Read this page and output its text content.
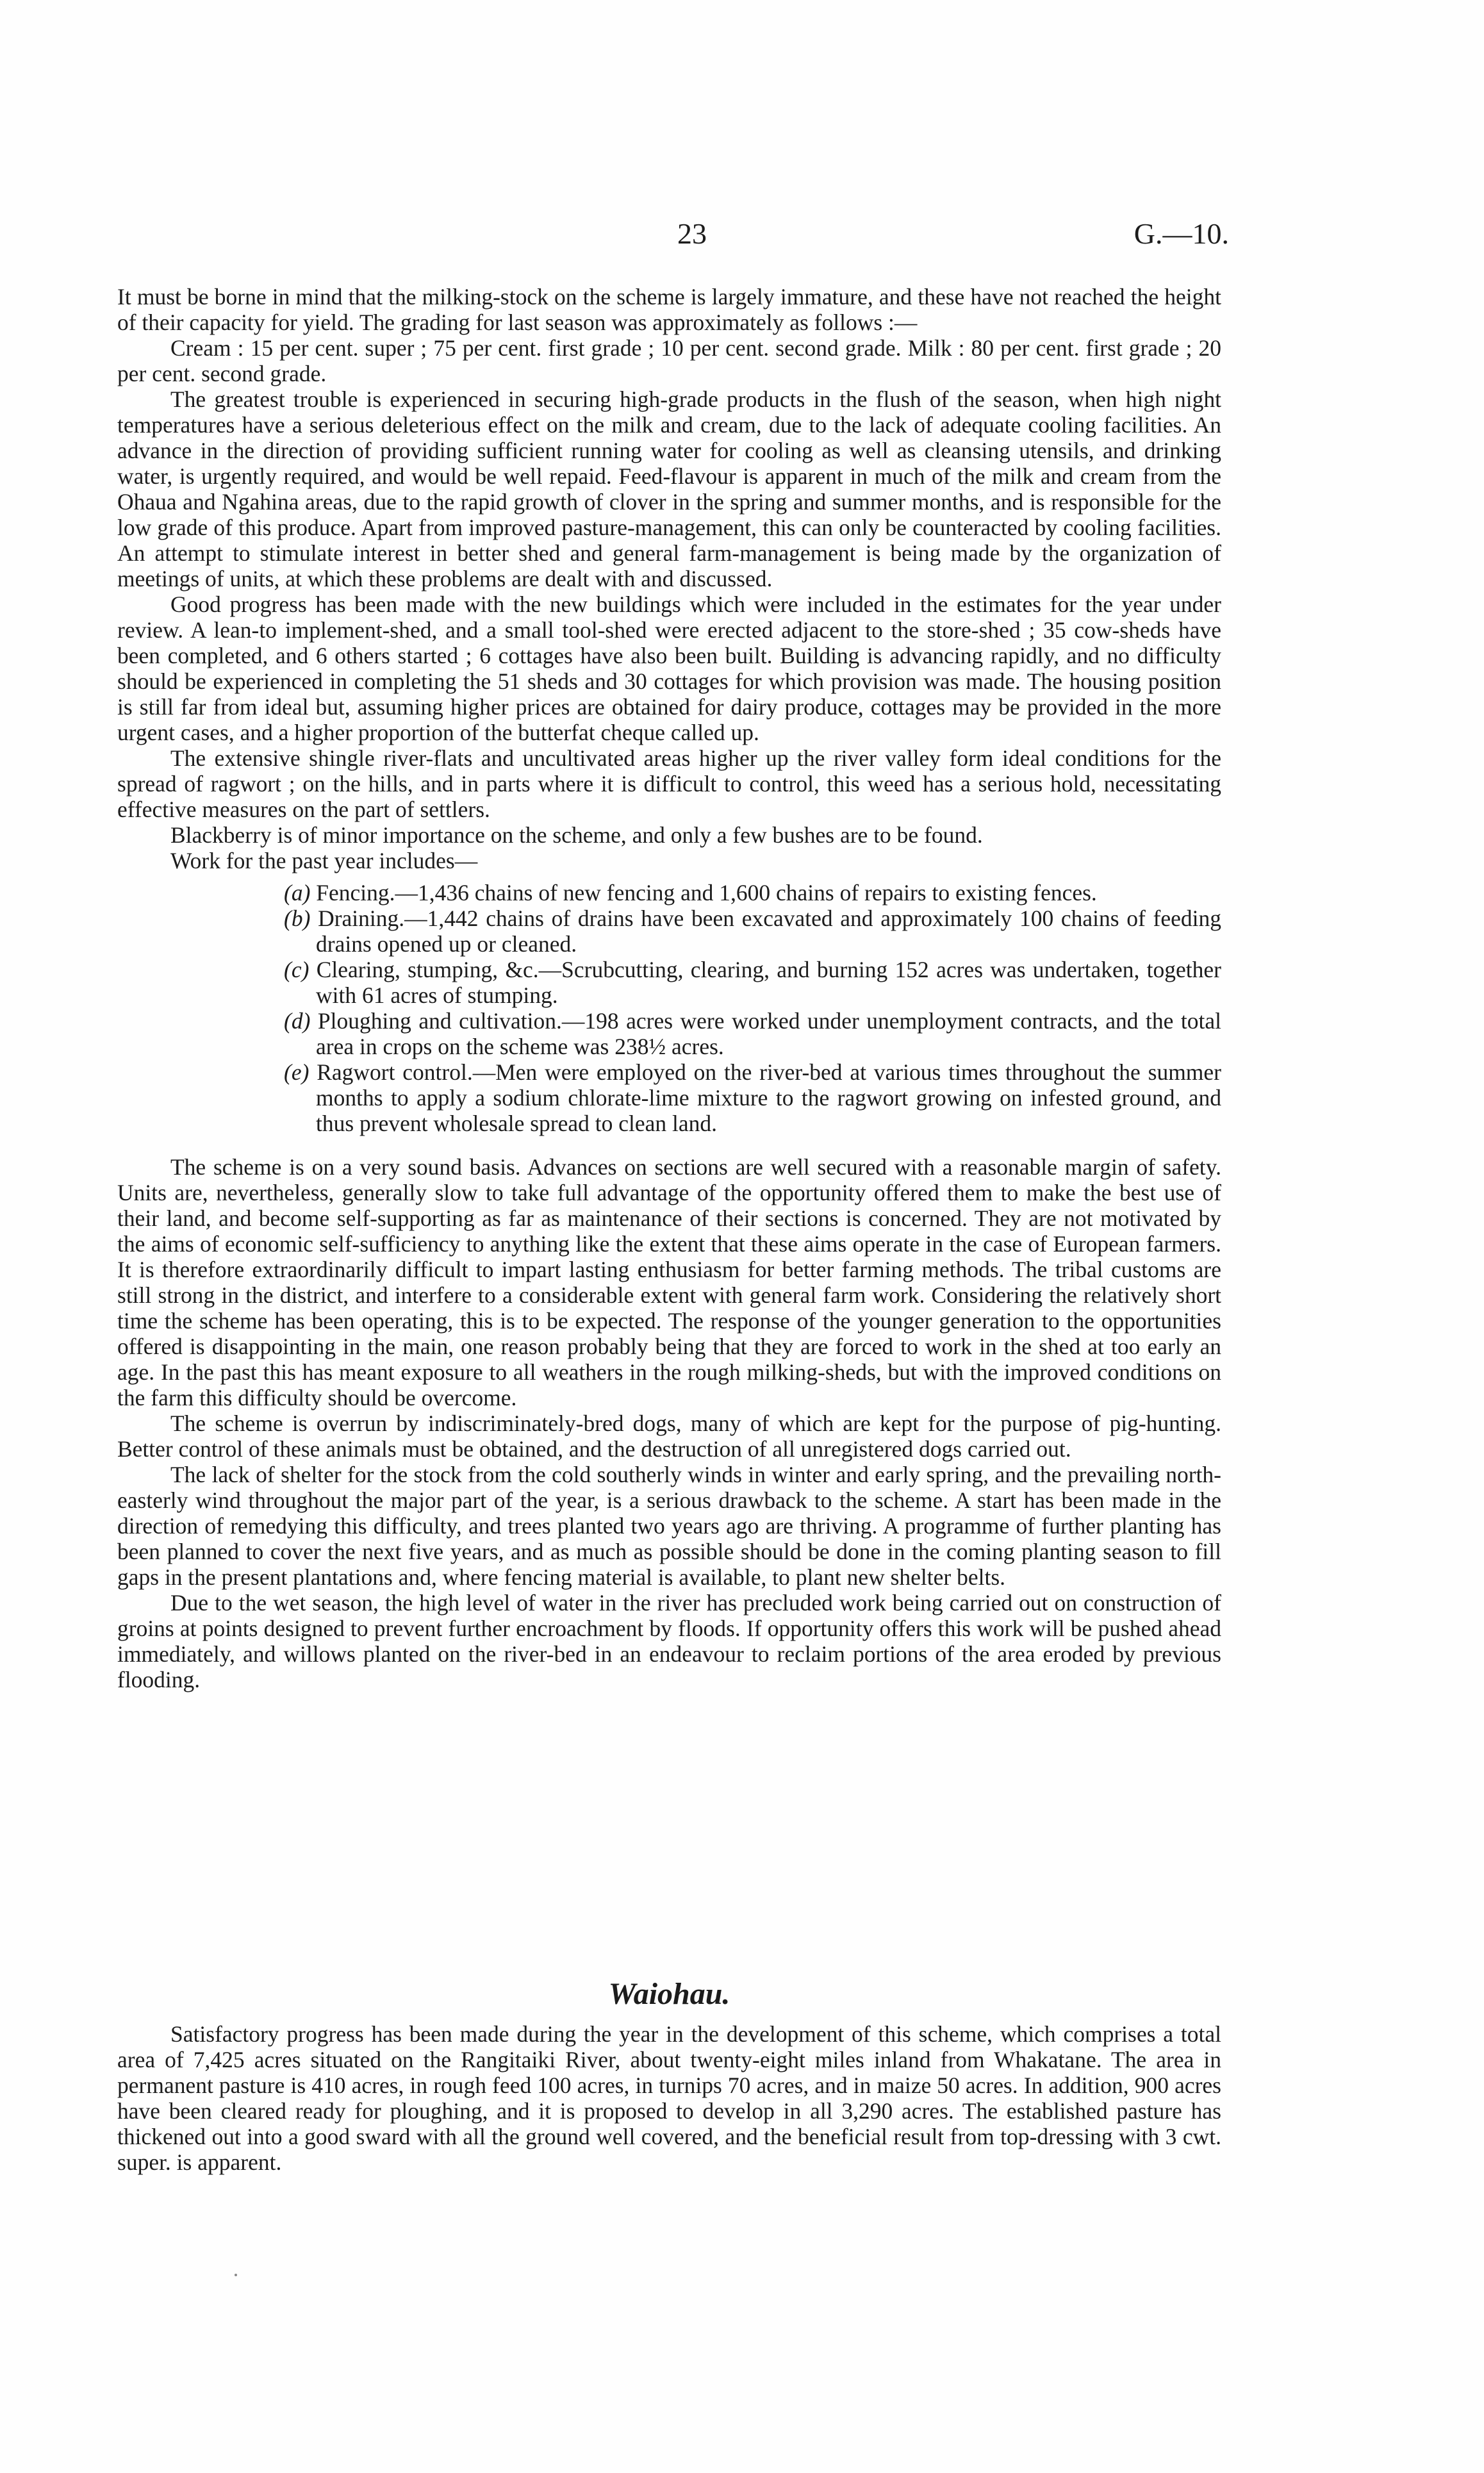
23	G.—10.

It must be borne in mind that the milking-stock on the scheme is largely immature, and these have not reached the height of their capacity for yield. The grading for last season was approximately as follows :—

Cream : 15 per cent. super ; 75 per cent. first grade ; 10 per cent. second grade. Milk : 80 per cent. first grade ; 20 per cent. second grade.

The greatest trouble is experienced in securing high-grade products in the flush of the season, when high night temperatures have a serious deleterious effect on the milk and cream, due to the lack of adequate cooling facilities. An advance in the direction of providing sufficient running water for cooling as well as cleansing utensils, and drinking water, is urgently required, and would be well repaid. Feed-flavour is apparent in much of the milk and cream from the Ohaua and Ngahina areas, due to the rapid growth of clover in the spring and summer months, and is responsible for the low grade of this produce. Apart from improved pasture-management, this can only be counteracted by cooling facilities. An attempt to stimulate interest in better shed and general farm-management is being made by the organization of meetings of units, at which these problems are dealt with and discussed.

Good progress has been made with the new buildings which were included in the estimates for the year under review. A lean-to implement-shed, and a small tool-shed were erected adjacent to the store-shed ; 35 cow-sheds have been completed, and 6 others started ; 6 cottages have also been built. Building is advancing rapidly, and no difficulty should be experienced in completing the 51 sheds and 30 cottages for which provision was made. The housing position is still far from ideal but, assuming higher prices are obtained for dairy produce, cottages may be provided in the more urgent cases, and a higher proportion of the butterfat cheque called up.

The extensive shingle river-flats and uncultivated areas higher up the river valley form ideal conditions for the spread of ragwort ; on the hills, and in parts where it is difficult to control, this weed has a serious hold, necessitating effective measures on the part of settlers.

Blackberry is of minor importance on the scheme, and only a few bushes are to be found.

Work for the past year includes—

(a) Fencing.—1,436 chains of new fencing and 1,600 chains of repairs to existing fences.
(b) Draining.—1,442 chains of drains have been excavated and approximately 100 chains of feeding drains opened up or cleaned.
(c) Clearing, stumping, &c.—Scrubcutting, clearing, and burning 152 acres was undertaken, together with 61 acres of stumping.
(d) Ploughing and cultivation.—198 acres were worked under unemployment contracts, and the total area in crops on the scheme was 238½ acres.
(e) Ragwort control.—Men were employed on the river-bed at various times throughout the summer months to apply a sodium chlorate-lime mixture to the ragwort growing on infested ground, and thus prevent wholesale spread to clean land.

The scheme is on a very sound basis. Advances on sections are well secured with a reasonable margin of safety. Units are, nevertheless, generally slow to take full advantage of the opportunity offered them to make the best use of their land, and become self-supporting as far as maintenance of their sections is concerned. They are not motivated by the aims of economic self-sufficiency to anything like the extent that these aims operate in the case of European farmers. It is therefore extraordinarily difficult to impart lasting enthusiasm for better farming methods. The tribal customs are still strong in the district, and interfere to a considerable extent with general farm work. Considering the relatively short time the scheme has been operating, this is to be expected. The response of the younger generation to the opportunities offered is disappointing in the main, one reason probably being that they are forced to work in the shed at too early an age. In the past this has meant exposure to all weathers in the rough milking-sheds, but with the improved conditions on the farm this difficulty should be overcome.

The scheme is overrun by indiscriminately-bred dogs, many of which are kept for the purpose of pig-hunting. Better control of these animals must be obtained, and the destruction of all unregistered dogs carried out.

The lack of shelter for the stock from the cold southerly winds in winter and early spring, and the prevailing north-easterly wind throughout the major part of the year, is a serious drawback to the scheme. A start has been made in the direction of remedying this difficulty, and trees planted two years ago are thriving. A programme of further planting has been planned to cover the next five years, and as much as possible should be done in the coming planting season to fill gaps in the present plantations and, where fencing material is available, to plant new shelter belts.

Due to the wet season, the high level of water in the river has precluded work being carried out on construction of groins at points designed to prevent further encroachment by floods. If opportunity offers this work will be pushed ahead immediately, and willows planted on the river-bed in an endeavour to reclaim portions of the area eroded by previous flooding.

Waiohau.

Satisfactory progress has been made during the year in the development of this scheme, which comprises a total area of 7,425 acres situated on the Rangitaiki River, about twenty-eight miles inland from Whakatane. The area in permanent pasture is 410 acres, in rough feed 100 acres, in turnips 70 acres, and in maize 50 acres. In addition, 900 acres have been cleared ready for ploughing, and it is proposed to develop in all 3,290 acres. The established pasture has thickened out into a good sward with all the ground well covered, and the beneficial result from top-dressing with 3 cwt. super. is apparent.
